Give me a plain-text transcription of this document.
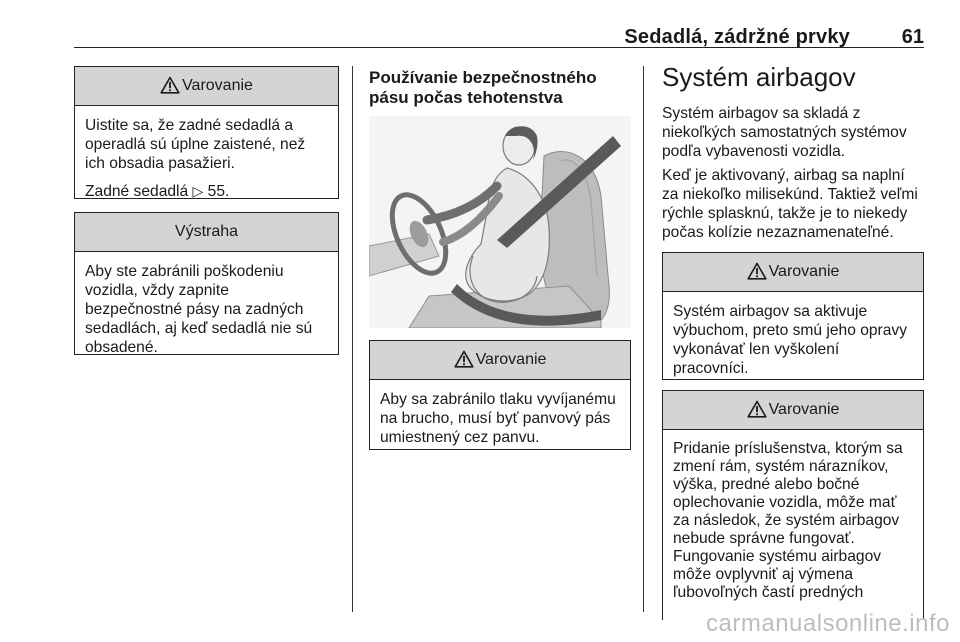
Sedadlá, zádržné prvky	61
Varovanie

Uistite sa, že zadné sedadlá a operadlá sú úplne zaistené, než ich obsadia pasažieri.

Zadné sedadlá ▷ 55.

Výstraha

Aby ste zabránili poškodeniu vozidla, vždy zapnite bezpečnostné pásy na zadných sedadlách, aj keď sedadlá nie sú obsadené.

Používanie bezpečnostného pásu počas tehotenstva
Varovanie

Aby sa zabránilo tlaku vyvíjanému na brucho, musí byť panvový pás umiestnený cez panvu.

Systém airbagov

Systém airbagov sa skladá z niekoľkých samostatných systémov podľa vybavenosti vozidla.

Keď je aktivovaný, airbag sa naplní za niekoľko milisekúnd. Taktiež veľmi rýchle splasknú, takže je to niekedy počas kolízie nezaznamenateľné.

Varovanie

Systém airbagov sa aktivuje výbuchom, preto smú jeho opravy vykonávať len vyškolení pracovníci.

Varovanie

Pridanie príslušenstva, ktorým sa zmení rám, systém nárazníkov, výška, predné alebo bočné oplechovanie vozidla, môže mať za následok, že systém airbagov nebude správne fungovať. Fungovanie systému airbagov môže ovplyvniť aj výmena ľubovoľných častí predných

carmanualsonline.info
